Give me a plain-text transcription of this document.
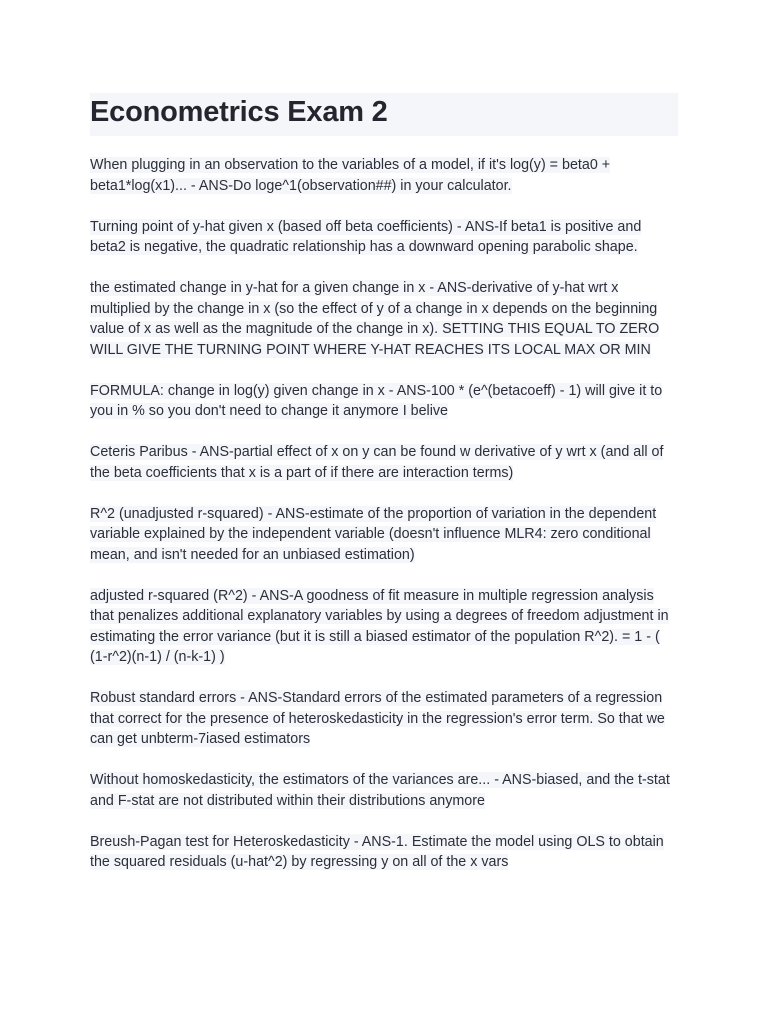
Econometrics Exam 2

When plugging in an observation to the variables of a model, if it's log(y) = beta0 + beta1*log(x1)... - ANS-Do loge^1(observation##) in your calculator.

Turning point of y-hat given x (based off beta coefficients) - ANS-If beta1 is positive and beta2 is negative, the quadratic relationship has a downward opening parabolic shape.

the estimated change in y-hat for a given change in x - ANS-derivative of y-hat wrt x multiplied by the change in x (so the effect of y of a change in x depends on the beginning value of x as well as the magnitude of the change in x). SETTING THIS EQUAL TO ZERO WILL GIVE THE TURNING POINT WHERE Y-HAT REACHES ITS LOCAL MAX OR MIN

FORMULA: change in log(y) given change in x - ANS-100 * (e^(betacoeff) - 1) will give it to you in % so you don't need to change it anymore I belive

Ceteris Paribus - ANS-partial effect of x on y can be found w derivative of y wrt x (and all of the beta coefficients that x is a part of if there are interaction terms)

R^2 (unadjusted r-squared) - ANS-estimate of the proportion of variation in the dependent variable explained by the independent variable (doesn't influence MLR4: zero conditional mean, and isn't needed for an unbiased estimation)

adjusted r-squared (R^2) - ANS-A goodness of fit measure in multiple regression analysis that penalizes additional explanatory variables by using a degrees of freedom adjustment in estimating the error variance (but it is still a biased estimator of the population R^2). = 1 - ( (1-r^2)(n-1) / (n-k-1) )

Robust standard errors - ANS-Standard errors of the estimated parameters of a regression that correct for the presence of heteroskedasticity in the regression's error term. So that we can get unbterm-7iased estimators

Without homoskedasticity, the estimators of the variances are... - ANS-biased, and the t-stat and F-stat are not distributed within their distributions anymore

Breush-Pagan test for Heteroskedasticity - ANS-1. Estimate the model using OLS to obtain the squared residuals (u-hat^2) by regressing y on all of the x vars
